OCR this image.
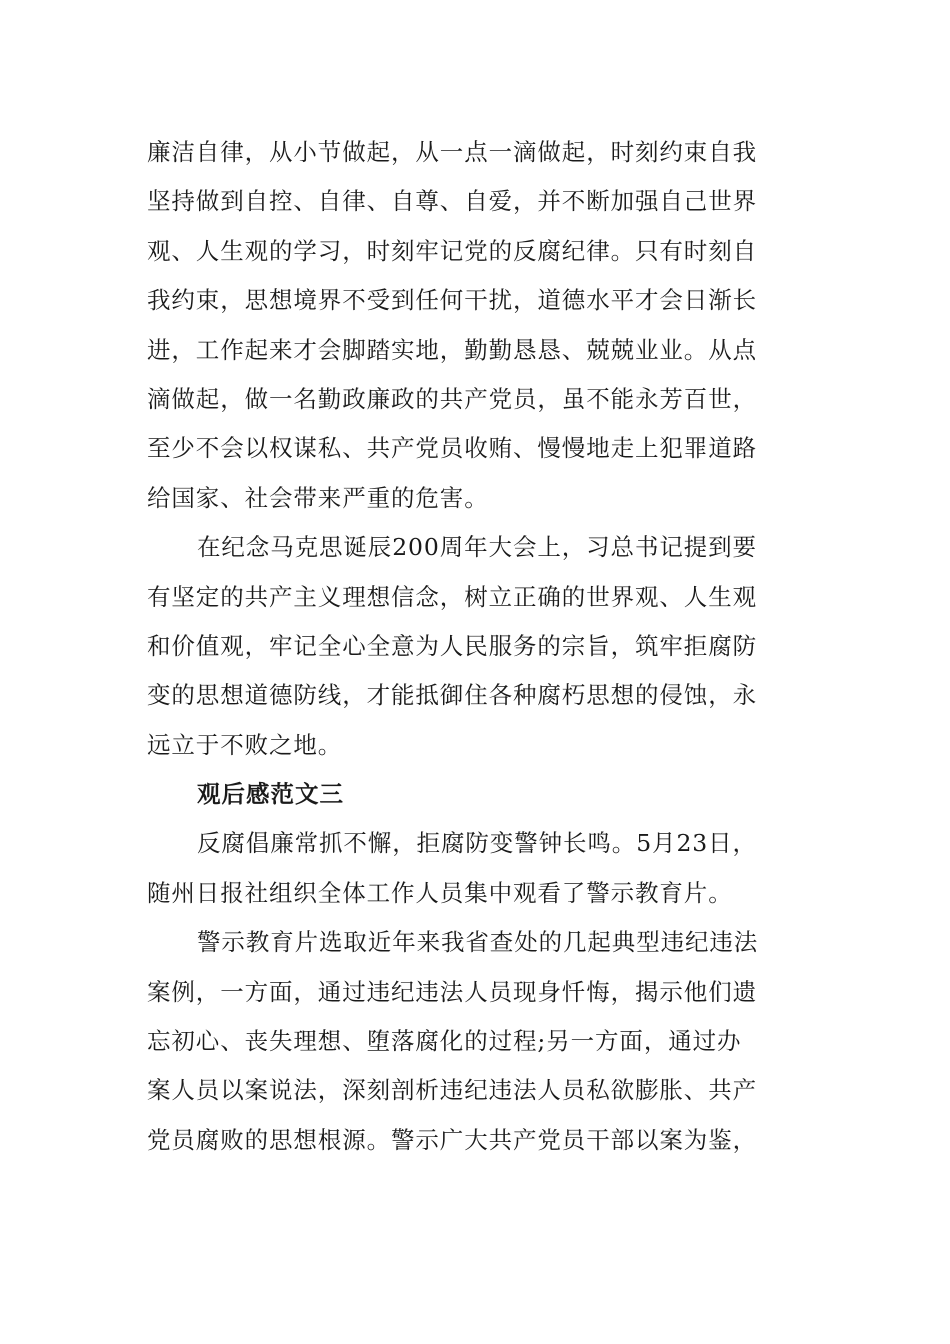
廉洁自律，从小节做起，从一点一滴做起，时刻约束自我
坚持做到自控、自律、自尊、自爱，并不断加强自己世界
观、人生观的学习，时刻牢记党的反腐纪律。只有时刻自
我约束，思想境界不受到任何干扰，道德水平才会日渐长
进，工作起来才会脚踏实地，勤勤恳恳、兢兢业业。从点
滴做起，做一名勤政廉政的共产党员，虽不能永芳百世，
至少不会以权谋私、共产党员收贿、慢慢地走上犯罪道路
给国家、社会带来严重的危害。
在纪念马克思诞辰200周年大会上，习总书记提到要
有坚定的共产主义理想信念，树立正确的世界观、人生观
和价值观，牢记全心全意为人民服务的宗旨，筑牢拒腐防
变的思想道德防线，才能抵御住各种腐朽思想的侵蚀，永
远立于不败之地。
观后感范文三
反腐倡廉常抓不懈，拒腐防变警钟长鸣。5月23日，
随州日报社组织全体工作人员集中观看了警示教育片。
警示教育片选取近年来我省查处的几起典型违纪违法
案例，一方面，通过违纪违法人员现身忏悔，揭示他们遗
忘初心、丧失理想、堕落腐化的过程;另一方面，通过办
案人员以案说法，深刻剖析违纪违法人员私欲膨胀、共产
党员腐败的思想根源。警示广大共产党员干部以案为鉴，
